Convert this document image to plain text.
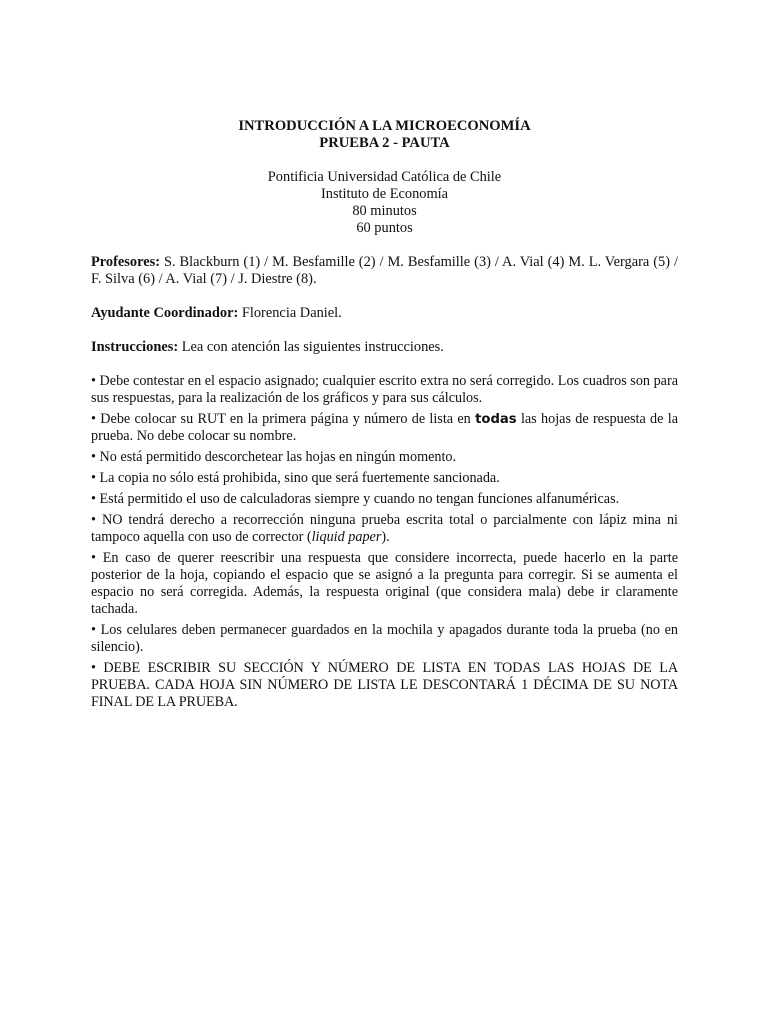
INTRODUCCIÓN A LA MICROECONOMÍA
PRUEBA 2 - PAUTA
Pontificia Universidad Católica de Chile
Instituto de Economía
80 minutos
60 puntos
Profesores: S. Blackburn (1) / M. Besfamille (2) / M. Besfamille (3) / A. Vial (4) M. L. Vergara (5) / F. Silva (6) / A. Vial (7) / J. Diestre (8).
Ayudante Coordinador: Florencia Daniel.
Instrucciones: Lea con atención las siguientes instrucciones.
• Debe contestar en el espacio asignado; cualquier escrito extra no será corregido. Los cuadros son para sus respuestas, para la realización de los gráficos y para sus cálculos.
• Debe colocar su RUT en la primera página y número de lista en todas las hojas de respuesta de la prueba. No debe colocar su nombre.
• No está permitido descorchetear las hojas en ningún momento.
• La copia no sólo está prohibida, sino que será fuertemente sancionada.
• Está permitido el uso de calculadoras siempre y cuando no tengan funciones alfanuméricas.
• NO tendrá derecho a recorrección ninguna prueba escrita total o parcialmente con lápiz mina ni tampoco aquella con uso de corrector (liquid paper).
• En caso de querer reescribir una respuesta que considere incorrecta, puede hacerlo en la parte posterior de la hoja, copiando el espacio que se asignó a la pregunta para corregir. Si se aumenta el espacio no será corregida. Además, la respuesta original (que considera mala) debe ir claramente tachada.
• Los celulares deben permanecer guardados en la mochila y apagados durante toda la prueba (no en silencio).
• DEBE ESCRIBIR SU SECCIÓN Y NÚMERO DE LISTA EN TODAS LAS HOJAS DE LA PRUEBA. CADA HOJA SIN NÚMERO DE LISTA LE DESCONTARÁ 1 DÉCIMA DE SU NOTA FINAL DE LA PRUEBA.
